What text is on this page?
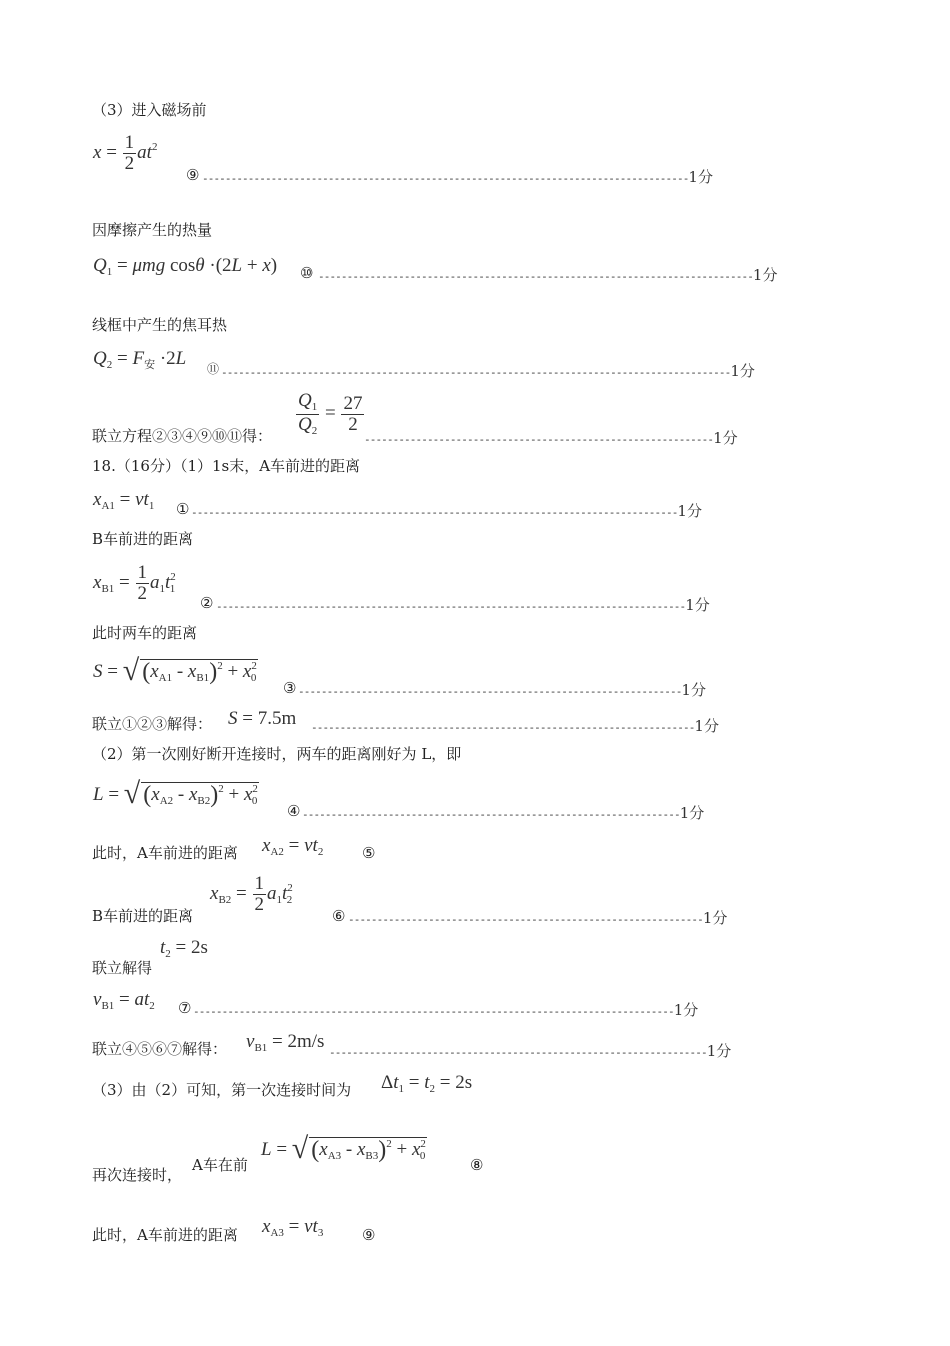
（3）进入磁场前
$x = \frac{1}{2} at^2$
⑨ -------------------------------------------------------------------------------------1分
因摩擦产生的热量
$Q_1 = \mu mg$ cosθ ·(2L + x) ⑩ ----------------------------------------------------------------------------1分
线框中产生的焦耳热
$Q_2 = F_安 \cdot 2L$ ⑪ -----------------------------------------------------------------------------------------1分
联立方程②③④⑨⑩⑪得： $\frac{Q_1}{Q_2} = \frac{27}{2}$
-------------------------------------------------------------1分
18.（16分）（1）1s末，A车前进的距离
$x_{A1} = vt_1$ ① -------------------------------------------------------------------------------------1分
B车前进的距离
$x_{B1} = \frac{1}{2} a_1t^2_1$
② ----------------------------------------------------------------------------------1分
此时两车的距离
S = √ $(x_{A1} - x_{B1})^2 + x^2_0$
③ -------------------------------------------------------------------1分
联立①②③解得： S = 7.5m -------------------------------------------------------------------1分
（2）第一次刚好断开连接时，两车的距离刚好为 L，即
L = √ $(x_{A2} - x_{B2})^2 + x^2_0$
④ ------------------------------------------------------------------1分
此时，A车前进的距离 $x_{A2} = vt_2$	⑤
B车前进的距离
$x_{B2} = \frac{1}{2} a_1t^2_2$
⑥ --------------------------------------------------------------1分
$t_2 = 2s$
联立解得
$v_{B1} = at_2$ ⑦ ------------------------------------------------------------------------------------1分
联立④⑤⑥⑦解得： $v_{B1} = 2m/s$
------------------------------------------------------------------1分
（3）由（2）可知，第一次连接时间为 $\Delta t_1 = t_2 = 2s$
再次连接时，
A车在前
L = √ $(x_{A3} - x_{B3})^2 + x^2_0$	⑧
此时，A车前进的距离 $x_{A3} = vt_3$	⑨
